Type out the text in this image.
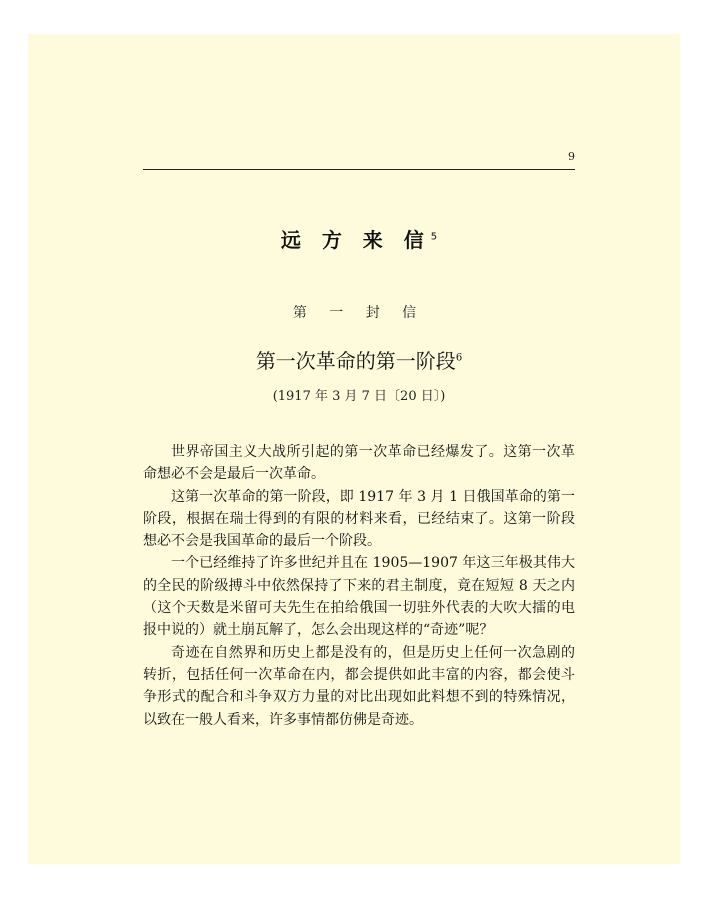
9
远 方 来 信$^5$
第 一 封 信
第一次革命的第一阶段$^6$
(1917 年 3 月 7 日〔20 日〕)

世界帝国主义大战所引起的第一次革命已经爆发了。这第一次革命想必不会是最后一次革命。

这第一次革命的第一阶段，即 1917 年 3 月 1 日俄国革命的第一阶段，根据在瑞士得到的有限的材料来看，已经结束了。这第一阶段想必不会是我国革命的最后一个阶段。

一个已经维持了许多世纪并且在 1905—1907 年这三年极其伟大的全民的阶级搏斗中依然保持了下来的君主制度，竟在短短 8 天之内（这个天数是米留可夫先生在拍给俄国一切驻外代表的大吹大擂的电报中说的）就土崩瓦解了，怎么会出现这样的“奇迹”呢？

奇迹在自然界和历史上都是没有的，但是历史上任何一次急剧的转折，包括任何一次革命在内，都会提供如此丰富的内容，都会使斗争形式的配合和斗争双方力量的对比出现如此料想不到的特殊情况，以致在一般人看来，许多事情都仿佛是奇迹。
